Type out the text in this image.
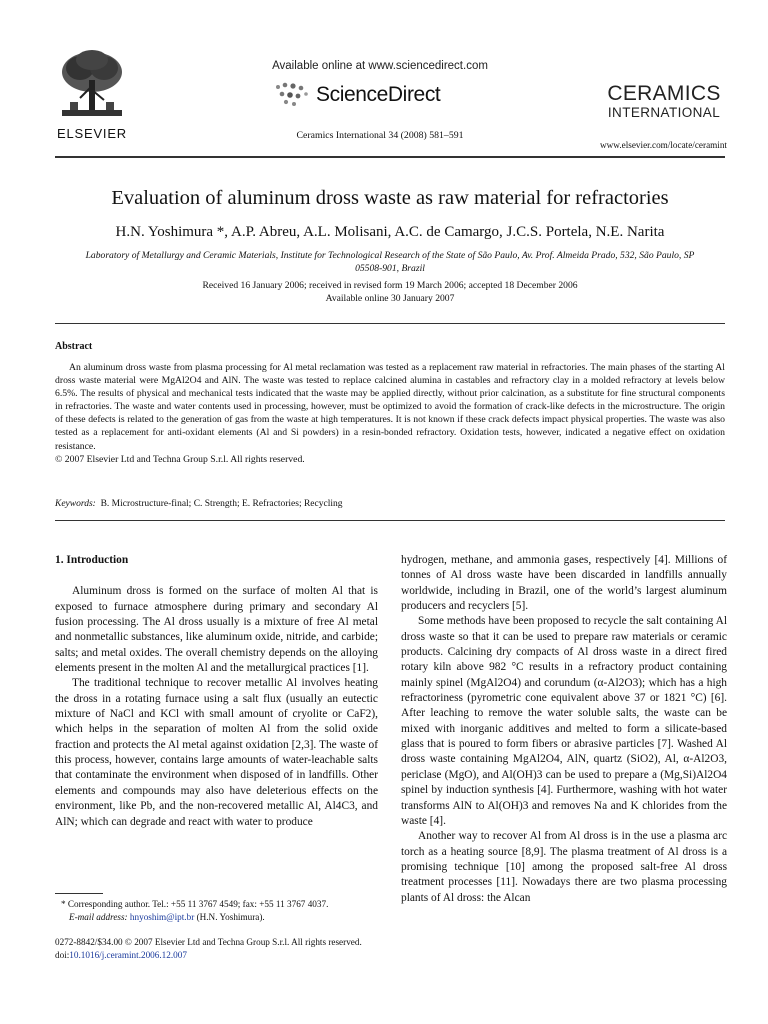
ELSEVIER
Available online at www.sciencedirect.com
ScienceDirect
Ceramics International 34 (2008) 581–591
CERAMICS
INTERNATIONAL
www.elsevier.com/locate/ceramint
Evaluation of aluminum dross waste as raw material for refractories
H.N. Yoshimura *, A.P. Abreu, A.L. Molisani, A.C. de Camargo, J.C.S. Portela, N.E. Narita
Laboratory of Metallurgy and Ceramic Materials, Institute for Technological Research of the State of São Paulo, Av. Prof. Almeida Prado, 532, São Paulo, SP 05508-901, Brazil
Received 16 January 2006; received in revised form 19 March 2006; accepted 18 December 2006
Available online 30 January 2007
Abstract

An aluminum dross waste from plasma processing for Al metal reclamation was tested as a replacement raw material in refractories. The main phases of the starting Al dross waste material were MgAl2O4 and AlN. The waste was tested to replace calcined alumina in castables and refractory clay in a molded refractory at levels below 6.5%. The results of physical and mechanical tests indicated that the waste may be applied directly, without prior calcination, as a substitute for fine structural components in refractories. The waste and water contents used in processing, however, must be optimized to avoid the formation of crack-like defects in the microstructure. The origin of these defects is related to the generation of gas from the waste at high temperatures. It is not known if these crack defects impact physical properties. The waste was also tested as a replacement for anti-oxidant elements (Al and Si powders) in a resin-bonded refractory. Oxidation tests, however, indicated a negative effect on oxidation resistance.

© 2007 Elsevier Ltd and Techna Group S.r.l. All rights reserved.
Keywords: B. Microstructure-final; C. Strength; E. Refractories; Recycling
1. Introduction

Aluminum dross is formed on the surface of molten Al that is exposed to furnace atmosphere during primary and secondary Al fusion processing. The Al dross usually is a mixture of free Al metal and nonmetallic substances, like aluminum oxide, nitride, and carbide; salts; and metal oxides. The overall chemistry depends on the alloying elements present in the molten Al and the metallurgical practices [1].

The traditional technique to recover metallic Al involves heating the dross in a rotating furnace using a salt flux (usually an eutectic mixture of NaCl and KCl with small amount of cryolite or CaF2), which helps in the separation of molten Al from the solid oxide fraction and protects the Al metal against oxidation [2,3]. The waste of this process, however, contains large amounts of water-leachable salts that contaminate the environment when disposed of in landfills. Other elements and compounds may also have deleterious effects on the environment, like Pb, and the non-recovered metallic Al, Al4C3, and AlN; which can degrade and react with water to produce

hydrogen, methane, and ammonia gases, respectively [4]. Millions of tonnes of Al dross waste have been discarded in landfills annually worldwide, including in Brazil, one of the world’s largest aluminum producers and recyclers [5].

Some methods have been proposed to recycle the salt containing Al dross waste so that it can be used to prepare raw materials or ceramic products. Calcining dry compacts of Al dross waste in a direct fired rotary kiln above 982 °C results in a refractory product containing mainly spinel (MgAl2O4) and corundum (α-Al2O3); which has a high refractoriness (pyrometric cone equivalent above 37 or 1821 °C) [6]. After leaching to remove the water soluble salts, the waste can be mixed with inorganic additives and melted to form a silicate-based glass that is poured to form fibers or abrasive particles [7]. Washed Al dross waste containing MgAl2O4, AlN, quartz (SiO2), Al, α-Al2O3, periclase (MgO), and Al(OH)3 can be used to prepare a (Mg,Si)Al2O4 spinel by induction synthesis [4]. Furthermore, washing with hot water transforms AlN to Al(OH)3 and removes Na and K chlorides from the waste [4].

Another way to recover Al from Al dross is in the use a plasma arc torch as a heating source [8,9]. The plasma treatment of Al dross is a promising technique [10] among the proposed salt-free Al dross treatment processes [11]. Nowadays there are two plasma processing plants of Al dross: the Alcan

* Corresponding author. Tel.: +55 11 3767 4549; fax: +55 11 3767 4037.
E-mail address: hnyoshim@ipt.br (H.N. Yoshimura).
0272-8842/$34.00 © 2007 Elsevier Ltd and Techna Group S.r.l. All rights reserved.
doi:10.1016/j.ceramint.2006.12.007
